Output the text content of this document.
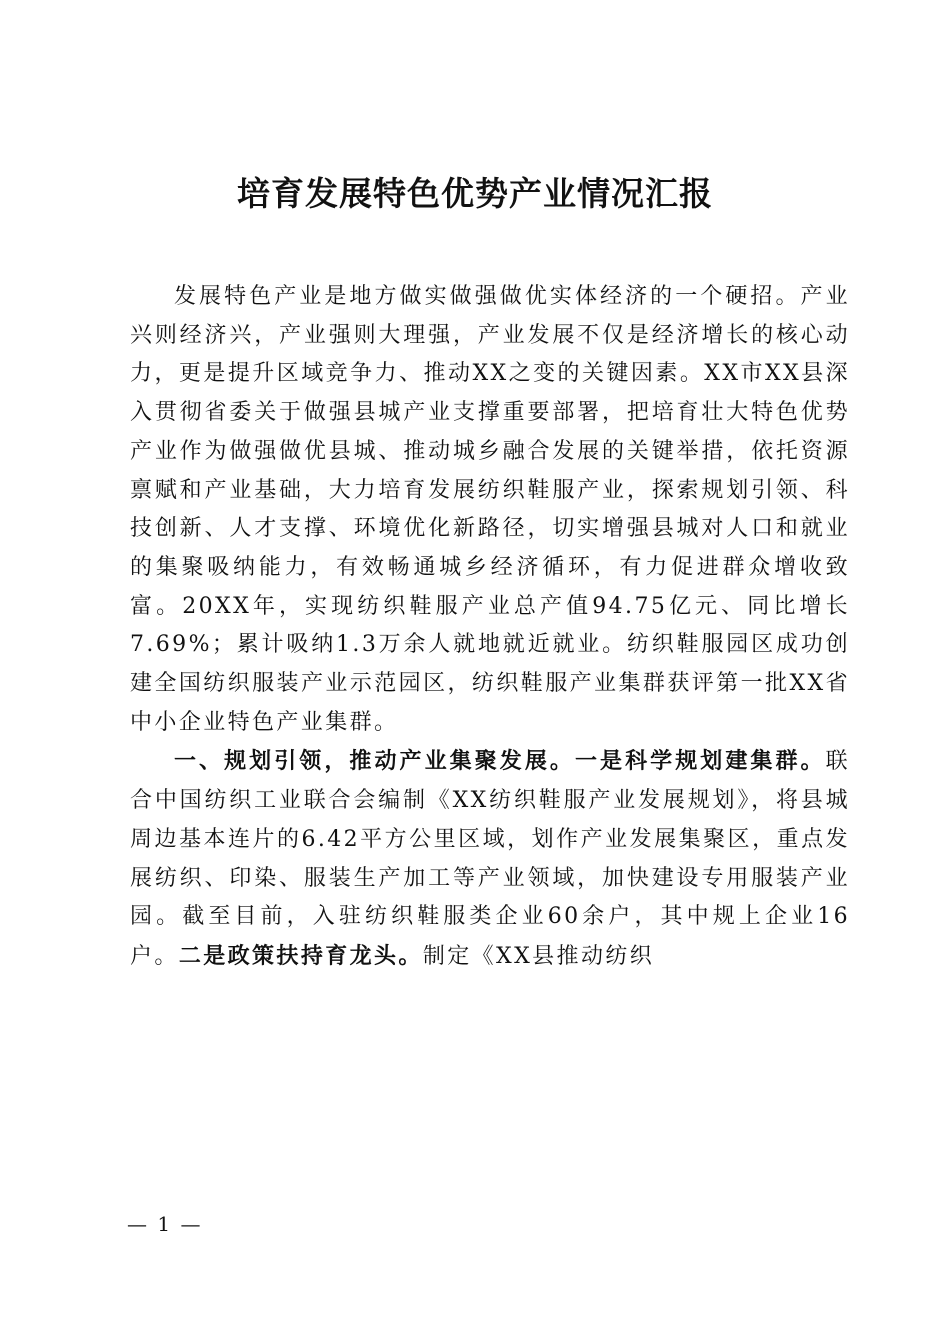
培育发展特色优势产业情况汇报

发展特色产业是地方做实做强做优实体经济的一个硬招。产业兴则经济兴，产业强则大理强，产业发展不仅是经济增长的核心动力，更是提升区域竞争力、推动XX之变的关键因素。XX市XX县深入贯彻省委关于做强县城产业支撑重要部署，把培育壮大特色优势产业作为做强做优县城、推动城乡融合发展的关键举措，依托资源禀赋和产业基础，大力培育发展纺织鞋服产业，探索规划引领、科技创新、人才支撑、环境优化新路径，切实增强县城对人口和就业的集聚吸纳能力，有效畅通城乡经济循环，有力促进群众增收致富。20XX年，实现纺织鞋服产业总产值94.75亿元、同比增长7.69%；累计吸纳1.3万余人就地就近就业。纺织鞋服园区成功创建全国纺织服装产业示范园区，纺织鞋服产业集群获评第一批XX省中小企业特色产业集群。

一、规划引领，推动产业集聚发展。一是科学规划建集群。联合中国纺织工业联合会编制《XX纺织鞋服产业发展规划》，将县城周边基本连片的6.42平方公里区域，划作产业发展集聚区，重点发展纺织、印染、服装生产加工等产业领域，加快建设专用服装产业园。截至目前，入驻纺织鞋服类企业60余户，其中规上企业16户。二是政策扶持育龙头。制定《XX县推动纺织

— 1 —
